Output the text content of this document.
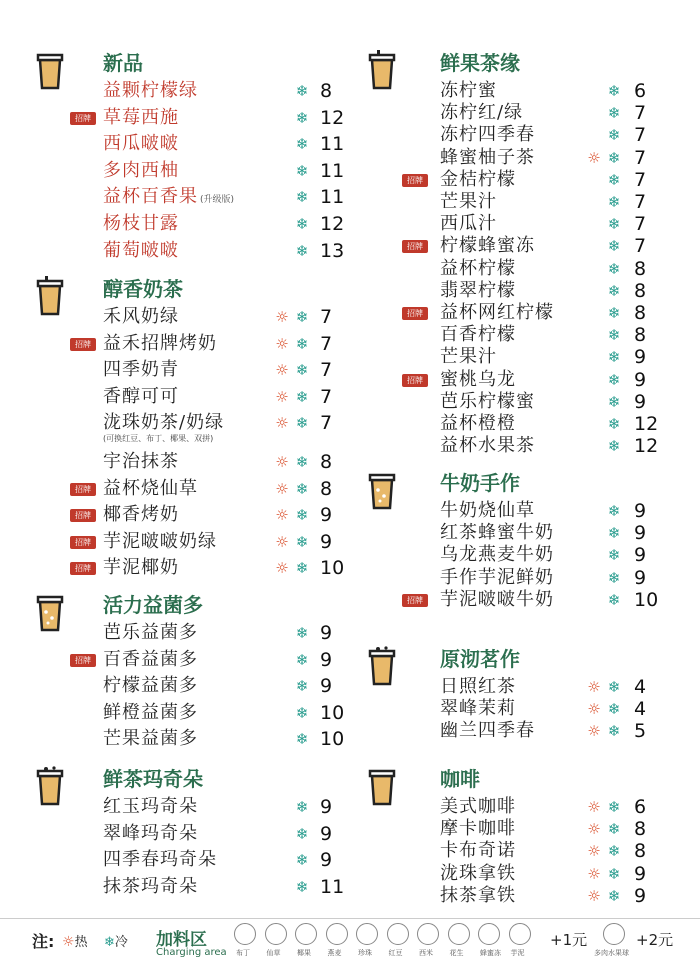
新品
益颗柠檬绿	❄ 8
招牌 草莓西施	❄ 12
西瓜啵啵	❄ 11
多肉西柚	❄ 11
益杯百香果 (升级版)	❄ 11
杨枝甘露	❄ 12
葡萄啵啵	❄ 13
醇香奶茶
禾风奶绿	☼ ❄ 7
招牌 益禾招牌烤奶	☼ ❄ 7
四季奶青	☼ ❄ 7
香醇可可	☼ ❄ 7
泷珠奶茶/奶绿	☼ ❄ 7
(可换红豆、布丁、椰果、双拼)
宇治抹茶	☼ ❄ 8
招牌 益杯烧仙草	☼ ❄ 8
招牌 椰香烤奶	☼ ❄ 9
招牌 芋泥啵啵奶绿	☼ ❄ 9
招牌 芋泥椰奶	☼ ❄ 10
活力益菌多
芭乐益菌多	❄ 9
招牌 百香益菌多	❄ 9
柠檬益菌多	❄ 9
鲜橙益菌多	❄ 10
芒果益菌多	❄ 10
鲜茶玛奇朵
红玉玛奇朵	❄ 9
翠峰玛奇朵	❄ 9
四季春玛奇朵	❄ 9
抹茶玛奇朵	❄ 11
鲜果茶缘
冻柠蜜	❄ 6
冻柠红/绿	❄ 7
冻柠四季春	❄ 7
蜂蜜柚子茶	☼ ❄ 7
招牌 金桔柠檬	❄ 7
芒果汁	❄ 7
西瓜汁	❄ 7
招牌 柠檬蜂蜜冻	❄ 7
益杯柠檬	❄ 8
翡翠柠檬	❄ 8
招牌 益杯网红柠檬	❄ 8
百香柠檬	❄ 8
芒果汁	❄ 9
招牌 蜜桃乌龙	❄ 9
芭乐柠檬蜜	❄ 9
益杯橙橙	❄ 12
益杯水果茶	❄ 12
牛奶手作
牛奶烧仙草	❄ 9
红茶蜂蜜牛奶	❄ 9
乌龙燕麦牛奶	❄ 9
手作芋泥鲜奶	❄ 9
招牌 芋泥啵啵牛奶	❄ 10
原沏茗作
日照红茶	☼ ❄ 4
翠峰茉莉	☼ ❄ 4
幽兰四季春	☼ ❄ 5
咖啡
美式咖啡	☼ ❄ 6
摩卡咖啡	☼ ❄ 8
卡布奇诺	☼ ❄ 8
泷珠拿铁	☼ ❄ 9
抹茶拿铁	☼ ❄ 9
注: ☼热 ❄冷 加料区
Charging area 布丁 仙草 椰果 燕麦 珍珠 红豆 西米 花生 蜂蜜冻 芋泥
+1元
多肉水果球
+2元
